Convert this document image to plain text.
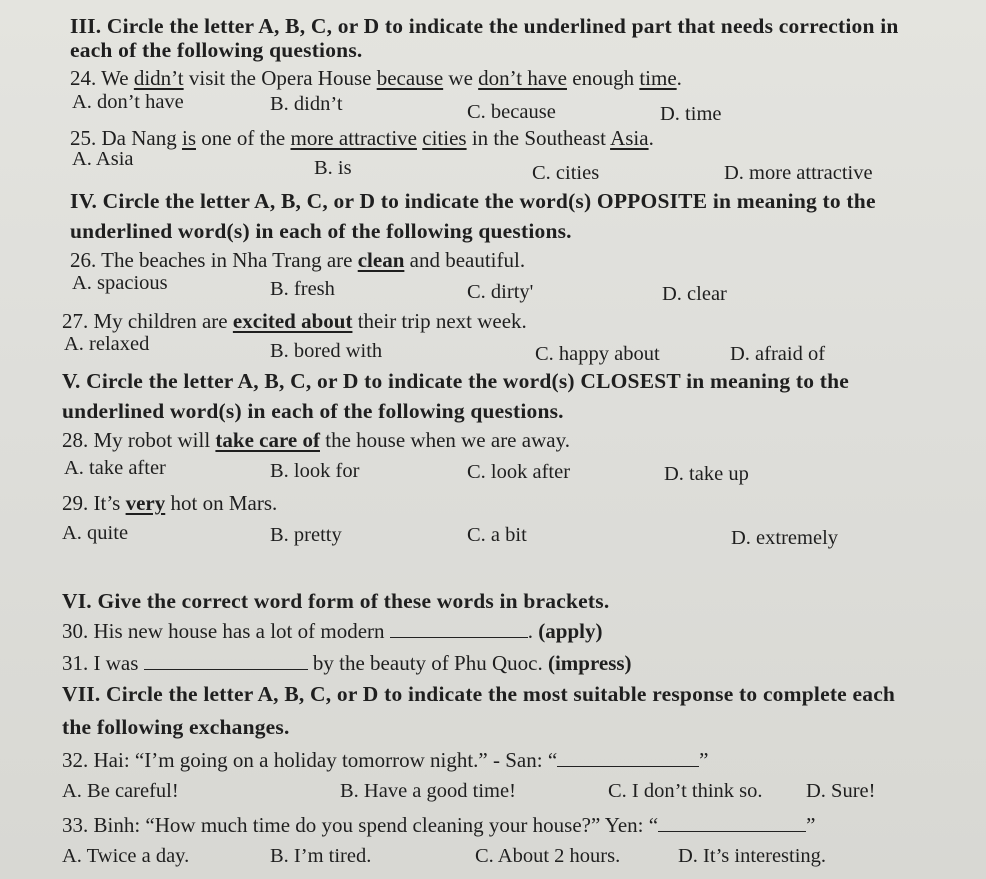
III. Circle the letter A, B, C, or D to indicate the underlined part that needs correction in
each of the following questions.
24. We didn’t visit the Opera House because we don’t have enough time.
A. don’t have	B. didn’t	C. because	D. time
25. Da Nang is one of the more attractive cities in the Southeast Asia.
A. Asia	B. is	C. cities	D. more attractive
IV. Circle the letter A, B, C, or D to indicate the word(s) OPPOSITE in meaning to the
underlined word(s) in each of the following questions.
26. The beaches in Nha Trang are clean and beautiful.
A. spacious	B. fresh	C. dirty'	D. clear
27. My children are excited about their trip next week.
A. relaxed	B. bored with	C. happy about	D. afraid of
V. Circle the letter A, B, C, or D to indicate the word(s) CLOSEST in meaning to the
underlined word(s) in each of the following questions.
28. My robot will take care of the house when we are away.
A. take after	B. look for	C. look after	D. take up
29. It’s very hot on Mars.
A. quite	B. pretty	C. a bit	D. extremely
VI. Give the correct word form of these words in brackets.
30. His new house has a lot of modern	. (apply)
31. I was	by the beauty of Phu Quoc. (impress)
VII. Circle the letter A, B, C, or D to indicate the most suitable response to complete each
the following exchanges.
32. Hai: “I’m going on a holiday tomorrow night.” - San: “	”
A. Be careful!	B. Have a good time!	C. I don’t think so. D. Sure!
33. Binh: “How much time do you spend cleaning your house?” Yen: “	”
A. Twice a day.	B. I’m tired.	C. About 2 hours.	D. It’s interesting.
